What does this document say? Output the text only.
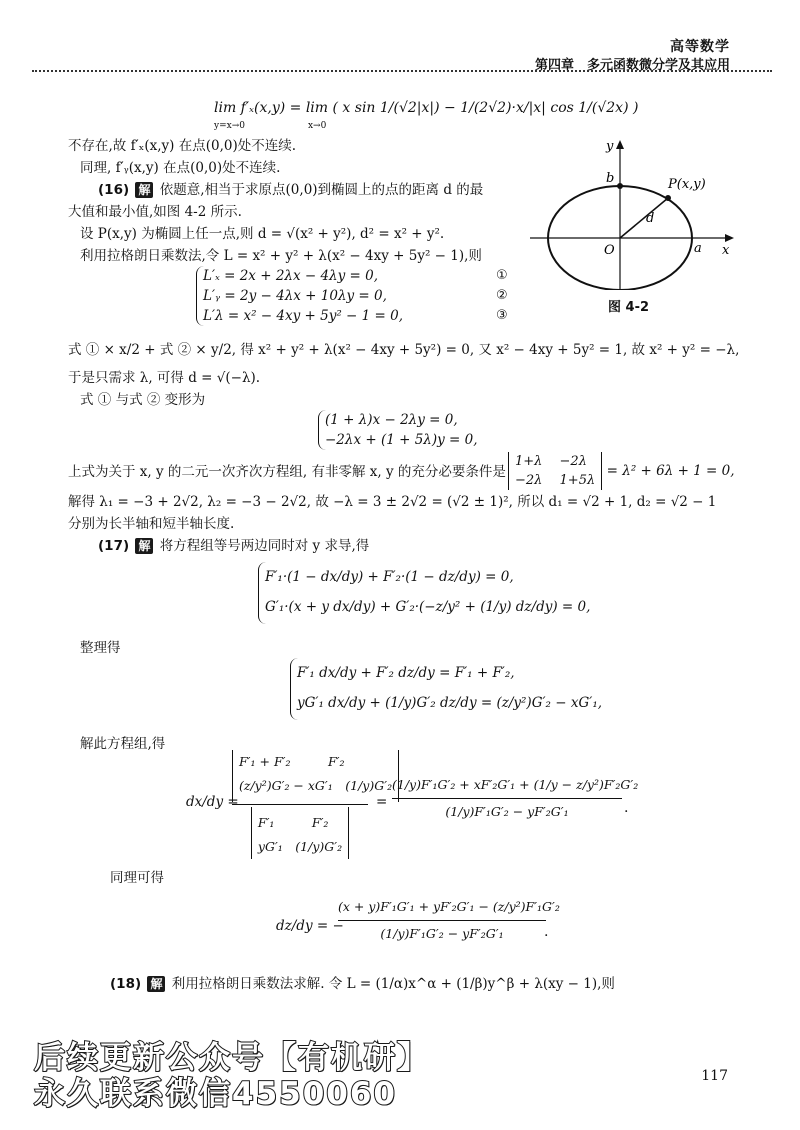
高等数学
第四章　多元函数微分学及其应用
lim f′ₓ(x,y) = lim ( x sin 1/(√2|x|) − 1/(2√2)·x/|x| cos 1/(√2x) )
y=x→0　　　　　　　x→0
不存在,故 f′ₓ(x,y) 在点(0,0)处不连续.
同理, f′ᵧ(x,y) 在点(0,0)处不连续.
(16) 解 依题意,相当于求原点(0,0)到椭圆上的点的距离 d 的最
大值和最小值,如图 4-2 所示.
设 P(x,y) 为椭圆上任一点,则 d = √(x² + y²), d² = x² + y².
利用拉格朗日乘数法,令 L = x² + y² + λ(x² − 4xy + 5y² − 1),则
L′ₓ = 2x + 2λx − 4λy = 0,
L′ᵧ = 2y − 4λx + 10λy = 0,
L′λ = x² − 4xy + 5y² − 1 = 0,
①
②
③
y
x
O	a
b
d
P(x,y)
图 4-2
式 ① × x/2 + 式 ② × y/2, 得 x² + y² + λ(x² − 4xy + 5y²) = 0, 又 x² − 4xy + 5y² = 1, 故 x² + y² = −λ,
于是只需求 λ, 可得 d = √(−λ).
式 ① 与式 ② 变形为
(1 + λ)x − 2λy = 0,
−2λx + (1 + 5λ)y = 0,
上式为关于 x, y 的二元一次齐次方程组, 有非零解 x, y 的充分必要条件是
1+λ　 −2λ
−2λ　 1+5λ
= λ² + 6λ + 1 = 0,
解得 λ₁ = −3 + 2√2, λ₂ = −3 − 2√2, 故 −λ = 3 ± 2√2 = (√2 ± 1)², 所以 d₁ = √2 + 1, d₂ = √2 − 1
分别为长半轴和短半轴长度.
(17) 解 将方程组等号两边同时对 y 求导,得
F′₁·(1 − dx/dy) + F′₂·(1 − dz/dy) = 0,
G′₁·(x + y dx/dy) + G′₂·(−z/y² + (1/y) dz/dy) = 0,
整理得
F′₁ dx/dy + F′₂ dz/dy = F′₁ + F′₂,
yG′₁ dx/dy + (1/y)G′₂ dz/dy = (z/y²)G′₂ − xG′₁,
解此方程组,得
dx/dy =
F′₁ + F′₂　　　F′₂
(z/y²)G′₂ − xG′₁　(1/y)G′₂
F′₁　　　F′₂
yG′₁　(1/y)G′₂
=
(1/y)F′₁G′₂ + xF′₂G′₁ + (1/y − z/y²)F′₂G′₂
(1/y)F′₁G′₂ − yF′₂G′₁	.
同理可得
dz/dy = −
(x + y)F′₁G′₁ + yF′₂G′₁ − (z/y²)F′₁G′₂
(1/y)F′₁G′₂ − yF′₂G′₁	.
(18) 解 利用拉格朗日乘数法求解. 令 L = (1/α)x^α + (1/β)y^β + λ(xy − 1),则
后续更新公众号【有机研】
永久联系微信4550060	117
